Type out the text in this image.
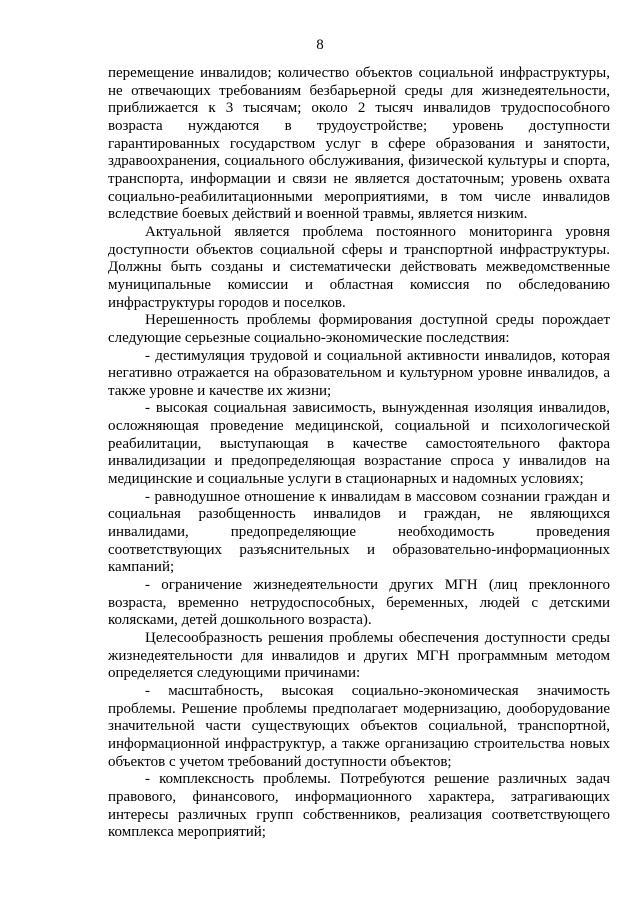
8

перемещение инвалидов; количество объектов социальной инфраструктуры, не отвечающих требованиям безбарьерной среды для жизнедеятельности, приближается к 3 тысячам; около 2 тысяч инвалидов трудоспособного возраста нуждаются в трудоустройстве; уровень доступности гарантированных государством услуг в сфере образования и занятости, здравоохранения, социального обслуживания, физической культуры и спорта, транспорта, информации и связи не является достаточным; уровень охвата социально-реабилитационными мероприятиями, в том числе инвалидов вследствие боевых действий и военной травмы, является низким.

Актуальной является проблема постоянного мониторинга уровня доступности объектов социальной сферы и транспортной инфраструктуры. Должны быть созданы и систематически действовать межведомственные муниципальные комиссии и областная комиссия по обследованию инфраструктуры городов и поселков.

Нерешенность проблемы формирования доступной среды порождает следующие серьезные социально-экономические последствия:

- дестимуляция трудовой и социальной активности инвалидов, которая негативно отражается на образовательном и культурном уровне инвалидов, а также уровне и качестве их жизни;

- высокая социальная зависимость, вынужденная изоляция инвалидов, осложняющая проведение медицинской, социальной и психологической реабилитации, выступающая в качестве самостоятельного фактора инвалидизации и предопределяющая возрастание спроса у инвалидов на медицинские и социальные услуги в стационарных и надомных условиях;

- равнодушное отношение к инвалидам в массовом сознании граждан и социальная разобщенность инвалидов и граждан, не являющихся инвалидами, предопределяющие необходимость проведения соответствующих разъяснительных и образовательно-информационных кампаний;

- ограничение жизнедеятельности других МГН (лиц преклонного возраста, временно нетрудоспособных, беременных, людей с детскими колясками, детей дошкольного возраста).

Целесообразность решения проблемы обеспечения доступности среды жизнедеятельности для инвалидов и других МГН программным методом определяется следующими причинами:

- масштабность, высокая социально-экономическая значимость проблемы. Решение проблемы предполагает модернизацию, дооборудование значительной части существующих объектов социальной, транспортной, информационной инфраструктур, а также организацию строительства новых объектов с учетом требований доступности объектов;

- комплексность проблемы. Потребуются решение различных задач правового, финансового, информационного характера, затрагивающих интересы различных групп собственников, реализация соответствующего комплекса мероприятий;
